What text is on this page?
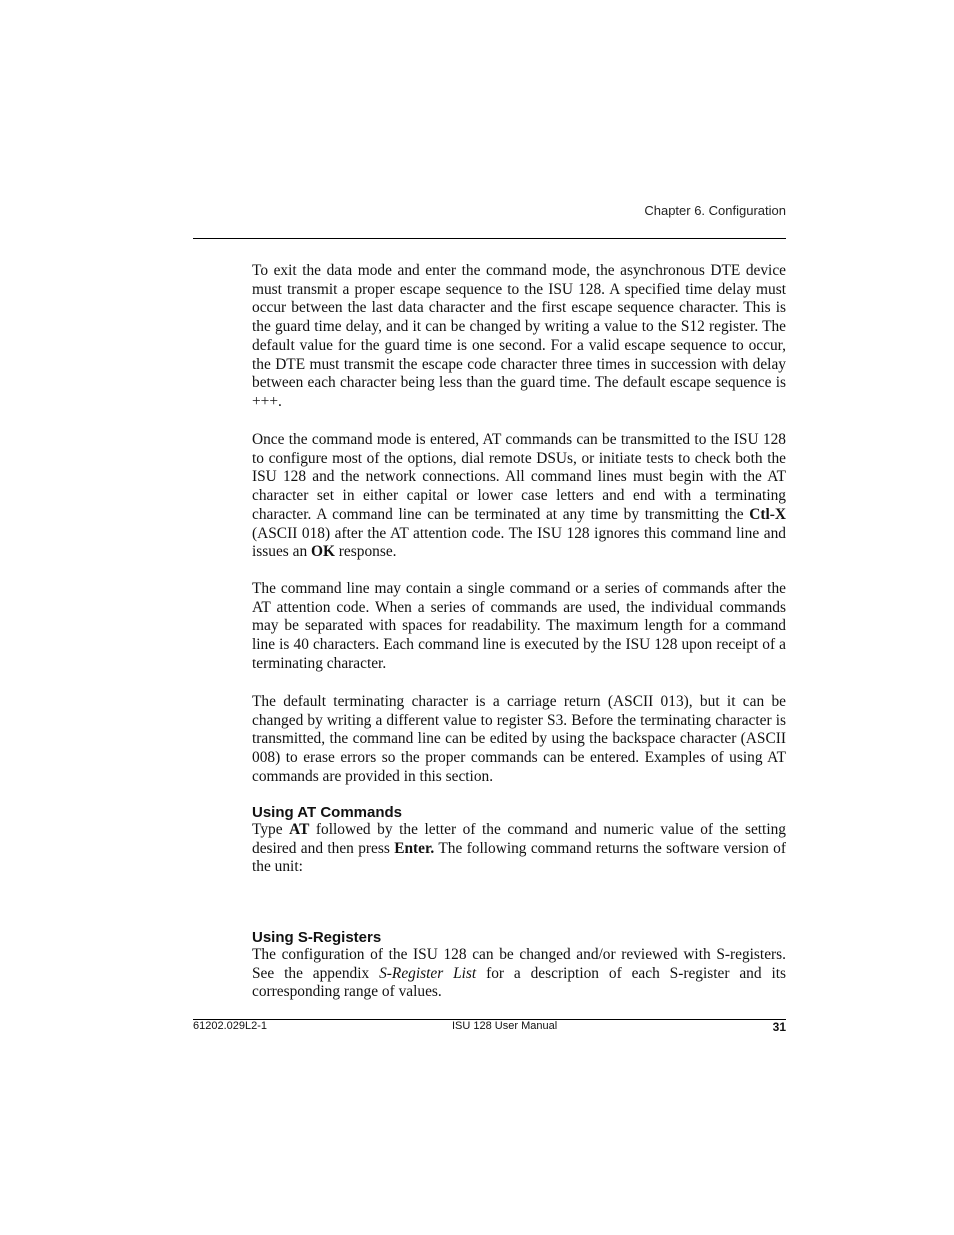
Chapter 6. Configuration

To exit the data mode and enter the command mode, the asynchronous DTE device must transmit a proper escape sequence to the ISU 128. A specified time delay must occur between the last data character and the first escape sequence character. This is the guard time delay, and it can be changed by writing a value to the S12 register. The default value for the guard time is one second. For a valid escape sequence to occur, the DTE must transmit the escape code character three times in succession with delay between each character being less than the guard time. The default escape sequence is +++.

Once the command mode is entered, AT commands can be transmitted to the ISU 128 to configure most of the options, dial remote DSUs, or initiate tests to check both the ISU 128 and the network connections. All command lines must begin with the AT character set in either capital or lower case letters and end with a terminating character. A command line can be terminated at any time by transmitting the Ctl-X (ASCII 018) after the AT attention code. The ISU 128 ignores this command line and issues an OK response.

The command line may contain a single command or a series of commands after the AT attention code. When a series of commands are used, the individual commands may be separated with spaces for readability. The maximum length for a command line is 40 characters. Each command line is executed by the ISU 128 upon receipt of a terminating character.

The default terminating character is a carriage return (ASCII 013), but it can be changed by writing a different value to register S3. Before the terminating character is transmitted, the command line can be edited by using the backspace character (ASCII 008) to erase errors so the proper commands can be entered. Examples of using AT commands are provided in this section.

Using AT Commands

Type AT followed by the letter of the command and numeric value of the setting desired and then press Enter. The following command returns the software version of the unit:

Using S-Registers

The configuration of the ISU 128 can be changed and/or reviewed with S-registers. See the appendix S-Register List for a description of each S-register and its corresponding range of values.

61202.029L2-1	ISU 128 User Manual	31
